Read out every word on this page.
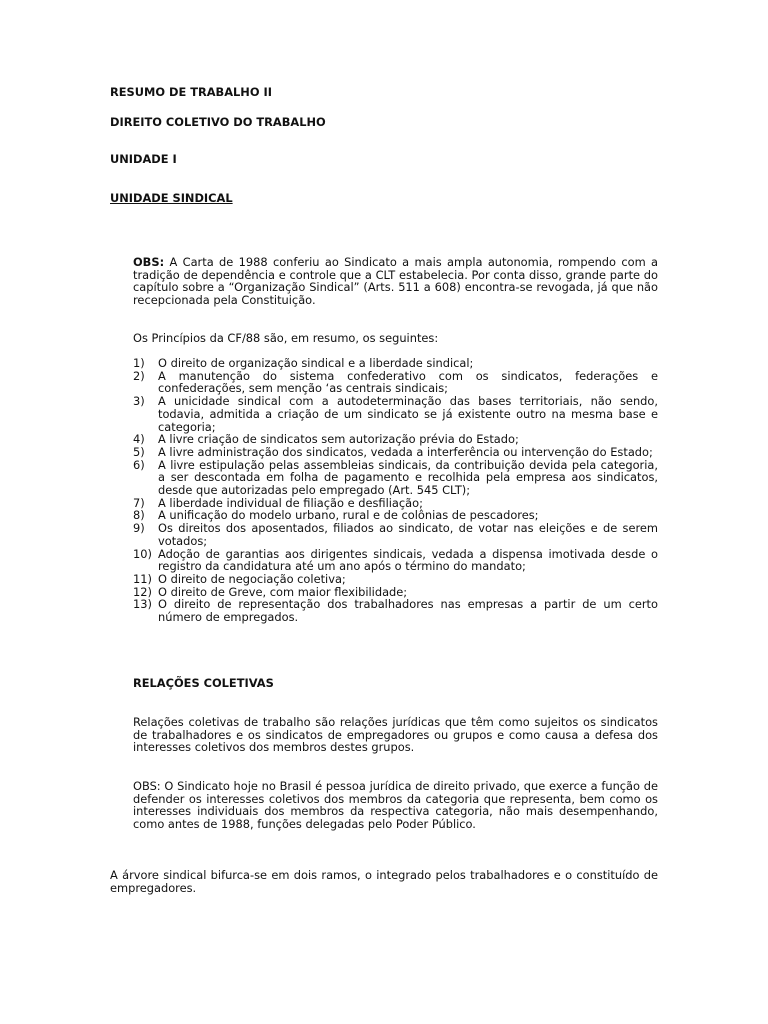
RESUMO DE TRABALHO II
DIREITO COLETIVO DO TRABALHO
UNIDADE I
UNIDADE SINDICAL

OBS: A Carta de 1988 conferiu ao Sindicato a mais ampla autonomia, rompendo com a tradição de dependência e controle que a CLT estabelecia. Por conta disso, grande parte do capítulo sobre a “Organização Sindical” (Arts. 511 a 608) encontra-se revogada, já que não recepcionada pela Constituição.

Os Princípios da CF/88 são, em resumo, os seguintes:
1)	O direito de organização sindical e a liberdade sindical;
2)	A manutenção do sistema confederativo com os sindicatos, federações e confederações, sem menção ‘as centrais sindicais;
3)	A unicidade sindical com a autodeterminação das bases territoriais, não sendo, todavia, admitida a criação de um sindicato se já existente outro na mesma base e categoria;
4)	A livre criação de sindicatos sem autorização prévia do Estado;
5)	A livre administração dos sindicatos, vedada a interferência ou intervenção do Estado;
6)	A livre estipulação pelas assembleias sindicais, da contribuição devida pela categoria, a ser descontada em folha de pagamento e recolhida pela empresa aos sindicatos, desde que autorizadas pelo empregado (Art. 545 CLT);
7)	A liberdade individual de filiação e desfiliação;
8)	A unificação do modelo urbano, rural e de colônias de pescadores;
9)	Os direitos dos aposentados, filiados ao sindicato, de votar nas eleições e de serem votados;
10) Adoção de garantias aos dirigentes sindicais, vedada a dispensa imotivada desde o registro da candidatura até um ano após o término do mandato;
11) O direito de negociação coletiva;
12) O direito de Greve, com maior flexibilidade;
13) O direito de representação dos trabalhadores nas empresas a partir de um certo número de empregados.
RELAÇÕES COLETIVAS

Relações coletivas de trabalho são relações jurídicas que têm como sujeitos os sindicatos de trabalhadores e os sindicatos de empregadores ou grupos e como causa a defesa dos interesses coletivos dos membros destes grupos.

OBS: O Sindicato hoje no Brasil é pessoa jurídica de direito privado, que exerce a função de defender os interesses coletivos dos membros da categoria que representa, bem como os interesses individuais dos membros da respectiva categoria, não mais desempenhando, como antes de 1988, funções delegadas pelo Poder Público.

A árvore sindical bifurca-se em dois ramos, o integrado pelos trabalhadores e o constituído de empregadores.
